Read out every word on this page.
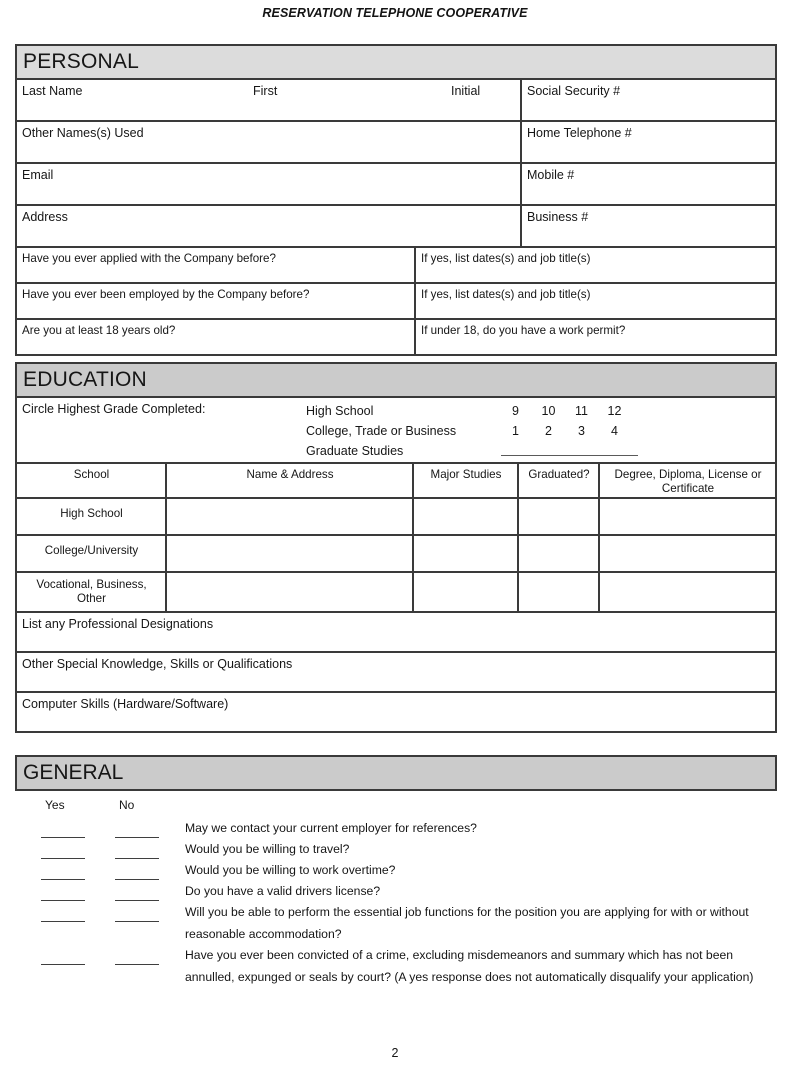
RESERVATION TELEPHONE COOPERATIVE
PERSONAL
Last Name	First	Initial	Social Security #
Other Names(s) Used	Home Telephone #
Email	Mobile #
Address	Business #
Have you ever applied with the Company before?	If yes, list dates(s) and job title(s)
Have you ever been employed by the Company before?	If yes, list dates(s) and job title(s)
Are you at least 18 years old?	If under 18, do you have a work permit?
EDUCATION
Circle Highest Grade Completed:	High School	9 10 11 12
College, Trade or Business	1 2 3 4
Graduate Studies
School	Name & Address	Major Studies	Graduated?	Degree, Diploma, License or Certificate
High School
College/University
Vocational, Business, Other
List any Professional Designations
Other Special Knowledge, Skills or Qualifications
Computer Skills (Hardware/Software)
GENERAL
Yes	No
May we contact your current employer for references?
Would you be willing to travel?
Would you be willing to work overtime?
Do you have a valid drivers license?
Will you be able to perform the essential job functions for the position you are applying for with or without reasonable accommodation?
Have you ever been convicted of a crime, excluding misdemeanors and summary which has not been annulled, expunged or seals by court? (A yes response does not automatically disqualify your application)
2
